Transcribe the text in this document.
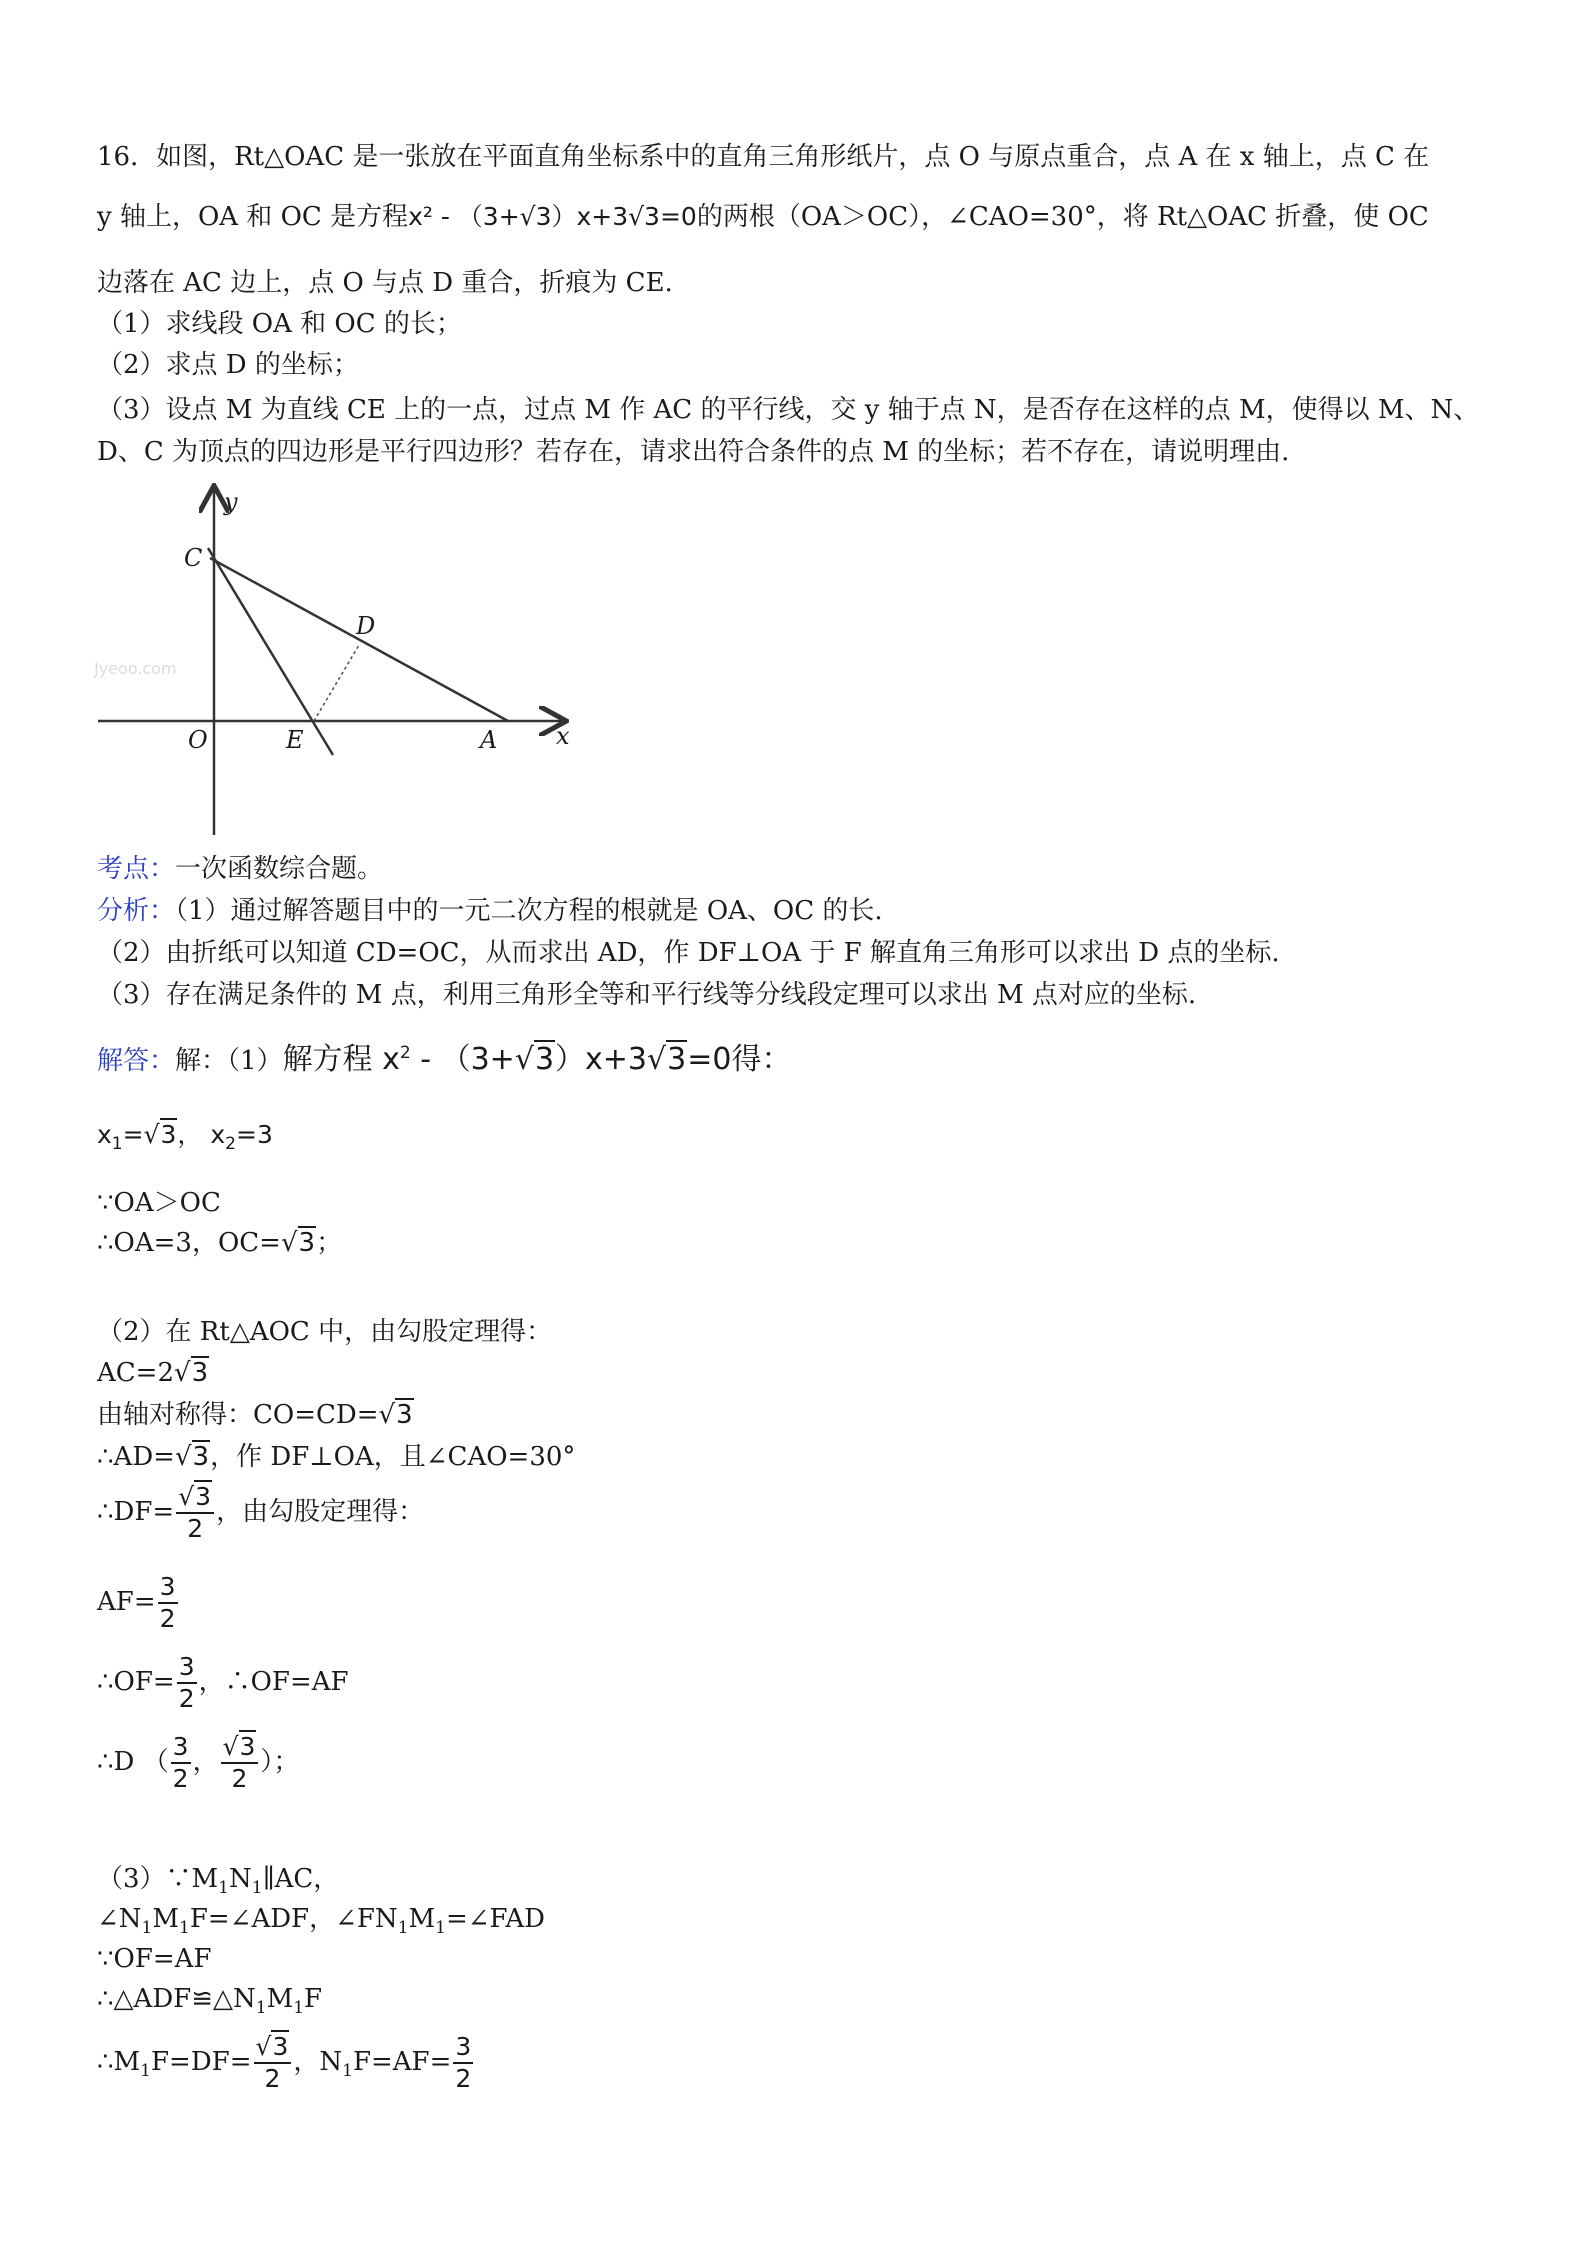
16．如图，Rt△OAC 是一张放在平面直角坐标系中的直角三角形纸片，点 O 与原点重合，点 A 在 x 轴上，点 C 在
y 轴上，OA 和 OC 是方程x² - （3+√3）x+3√3=0的两根（OA＞OC），∠CAO=30°，将 Rt△OAC 折叠，使 OC
边落在 AC 边上，点 O 与点 D 重合，折痕为 CE.
（1）求线段 OA 和 OC 的长；
（2）求点 D 的坐标；
（3）设点 M 为直线 CE 上的一点，过点 M 作 AC 的平行线，交 y 轴于点 N，是否存在这样的点 M，使得以 M、N、
D、C 为顶点的四边形是平行四边形？若存在，请求出符合条件的点 M 的坐标；若不存在，请说明理由.
Jyeoo.com
y
x
C
D
O	E	A
考点：一次函数综合题。
分析：（1）通过解答题目中的一元二次方程的根就是 OA、OC 的长.
（2）由折纸可以知道 CD=OC，从而求出 AD，作 DF⊥OA 于 F 解直角三角形可以求出 D 点的坐标.
（3）存在满足条件的 M 点，利用三角形全等和平行线等分线段定理可以求出 M 点对应的坐标.
解答：解：（1）解方程 $x^2 - (3+√3)x+3√3=0$得：
$x_1=√3$， $x_2=3$
∵OA＞OC
∴OA=3，OC=√3；
（2）在 Rt△AOC 中，由勾股定理得：
AC=2√3
由轴对称得：CO=CD=√3
∴AD=√3，作 DF⊥OA，且∠CAO=30°
∴DF= $\frac{√3}{2}$ ，由勾股定理得：
$AF= \frac{3}{2}$
∴OF= $\frac{3}{2}$ ，∴OF=AF
∴D （ $\frac{3}{2}$ ， $\frac{√3}{2}$ ）；
$(3)\because M_1N_1\parallel AC$，
$\angle N_1M_1F=\angle ADF$，$\angle FN_1M_1=\angle FAD$
∵OF=AF
$\therefore\triangle ADF≌\triangle N_1M_1F$
$\therefore M_1F=DF= \frac{√3}{2}$ ，$N_1F=AF= \frac{3}{2}$
